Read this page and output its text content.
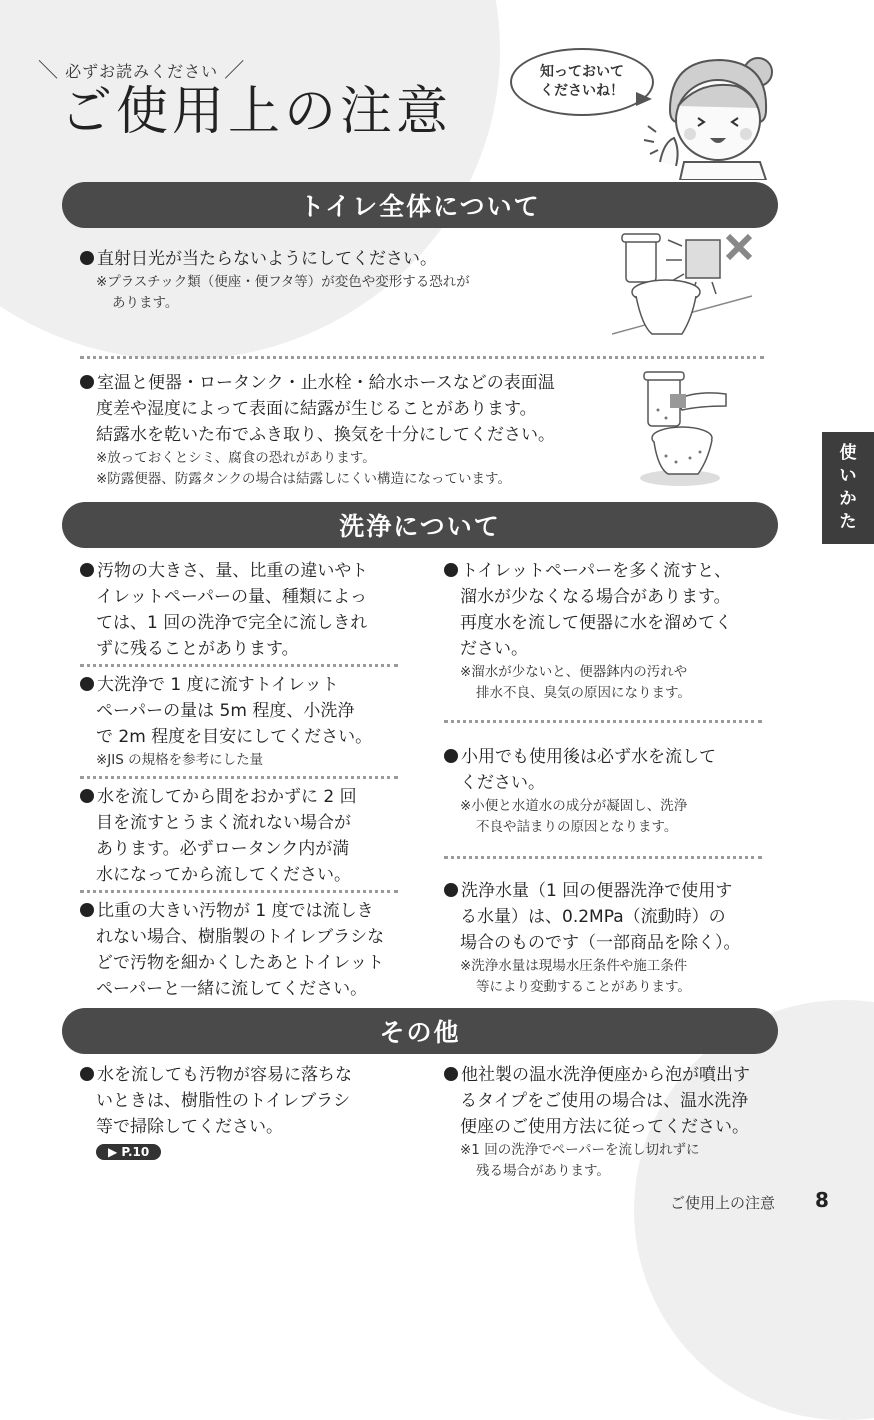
＼ 必ずお読みください ／
ご使用上の注意
知っておいて
くださいね！
使
い
か
た
トイレ全体について
直射日光が当たらないようにしてください。
※プラスチック類（便座・便フタ等）が変色や変形する恐れが
あります。
室温と便器・ロータンク・止水栓・給水ホースなどの表面温
度差や湿度によって表面に結露が生じることがあります。
結露水を乾いた布でふき取り、換気を十分にしてください。
※放っておくとシミ、腐食の恐れがあります。
※防露便器、防露タンクの場合は結露しにくい構造になっています。
洗浄について
汚物の大きさ、量、比重の違いやト
イレットペーパーの量、種類によっ
ては、1 回の洗浄で完全に流しきれ
ずに残ることがあります。
大洗浄で 1 度に流すトイレット
ペーパーの量は 5m 程度、小洗浄
で 2m 程度を目安にしてください。
※JIS の規格を参考にした量
水を流してから間をおかずに 2 回
目を流すとうまく流れない場合が
あります。必ずロータンク内が満
水になってから流してください。
比重の大きい汚物が 1 度では流しき
れない場合、樹脂製のトイレブラシな
どで汚物を細かくしたあとトイレット
ペーパーと一緒に流してください。
トイレットペーパーを多く流すと、
溜水が少なくなる場合があります。
再度水を流して便器に水を溜めてく
ださい。
※溜水が少ないと、便器鉢内の汚れや
排水不良、臭気の原因になります。
小用でも使用後は必ず水を流して
ください。
※小便と水道水の成分が凝固し、洗浄
不良や詰まりの原因となります。
洗浄水量（1 回の便器洗浄で使用す
る水量）は、0.2MPa（流動時）の
場合のものです（一部商品を除く）。
※洗浄水量は現場水圧条件や施工条件
等により変動することがあります。
その他
水を流しても汚物が容易に落ちな
いときは、樹脂性のトイレブラシ
等で掃除してください。
▶ P.10
他社製の温水洗浄便座から泡が噴出す
るタイプをご使用の場合は、温水洗浄
便座のご使用方法に従ってください。
※1 回の洗浄でペーパーを流し切れずに
残る場合があります。
ご使用上の注意 8
